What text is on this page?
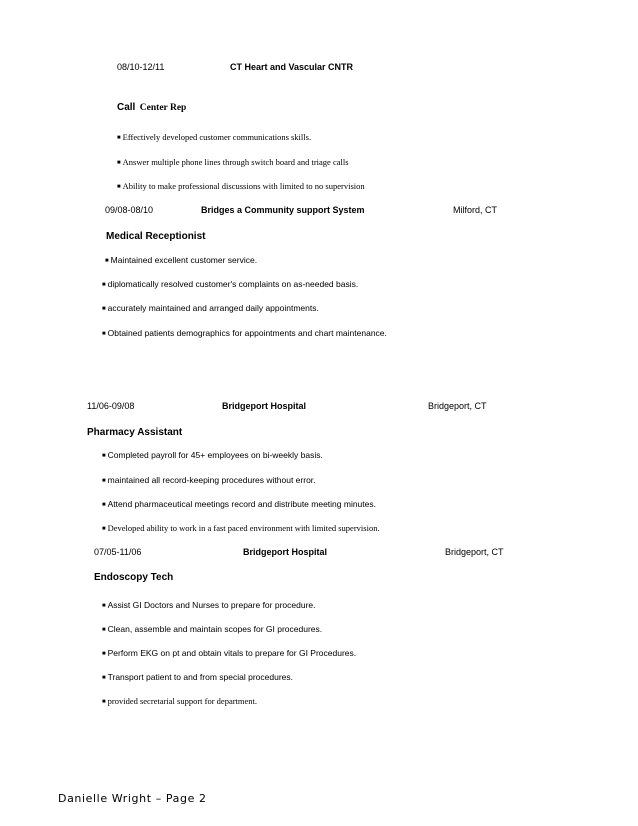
08/10-12/11	CT Heart and Vascular CNTR
Call Center Rep
■ Effectively developed customer communications skills.
■ Answer multiple phone lines through switch board and triage calls
■ Ability to make professional discussions with limited to no supervision
09/08-08/10	Bridges a Community support System	Milford, CT
Medical Receptionist
■ Maintained excellent customer service.
■ diplomatically resolved customer's complaints on as-needed basis.
■ accurately maintained and arranged daily appointments.
■ Obtained patients demographics for appointments and chart maintenance.
11/06-09/08	Bridgeport Hospital	Bridgeport, CT
Pharmacy Assistant
■ Completed payroll for 45+ employees on bi-weekly basis.
■ maintained all record-keeping procedures without error.
■ Attend pharmaceutical meetings record and distribute meeting minutes.
■ Developed ability to work in a fast paced environment with limited supervision.
07/05-11/06	Bridgeport Hospital	Bridgeport, CT
Endoscopy Tech
■ Assist GI Doctors and Nurses to prepare for procedure.
■ Clean, assemble and maintain scopes for GI procedures.
■ Perform EKG on pt and obtain vitals to prepare for GI Procedures.
■ Transport patient to and from special procedures.
■ provided secretarial support for department.
Danielle Wright – Page 2
